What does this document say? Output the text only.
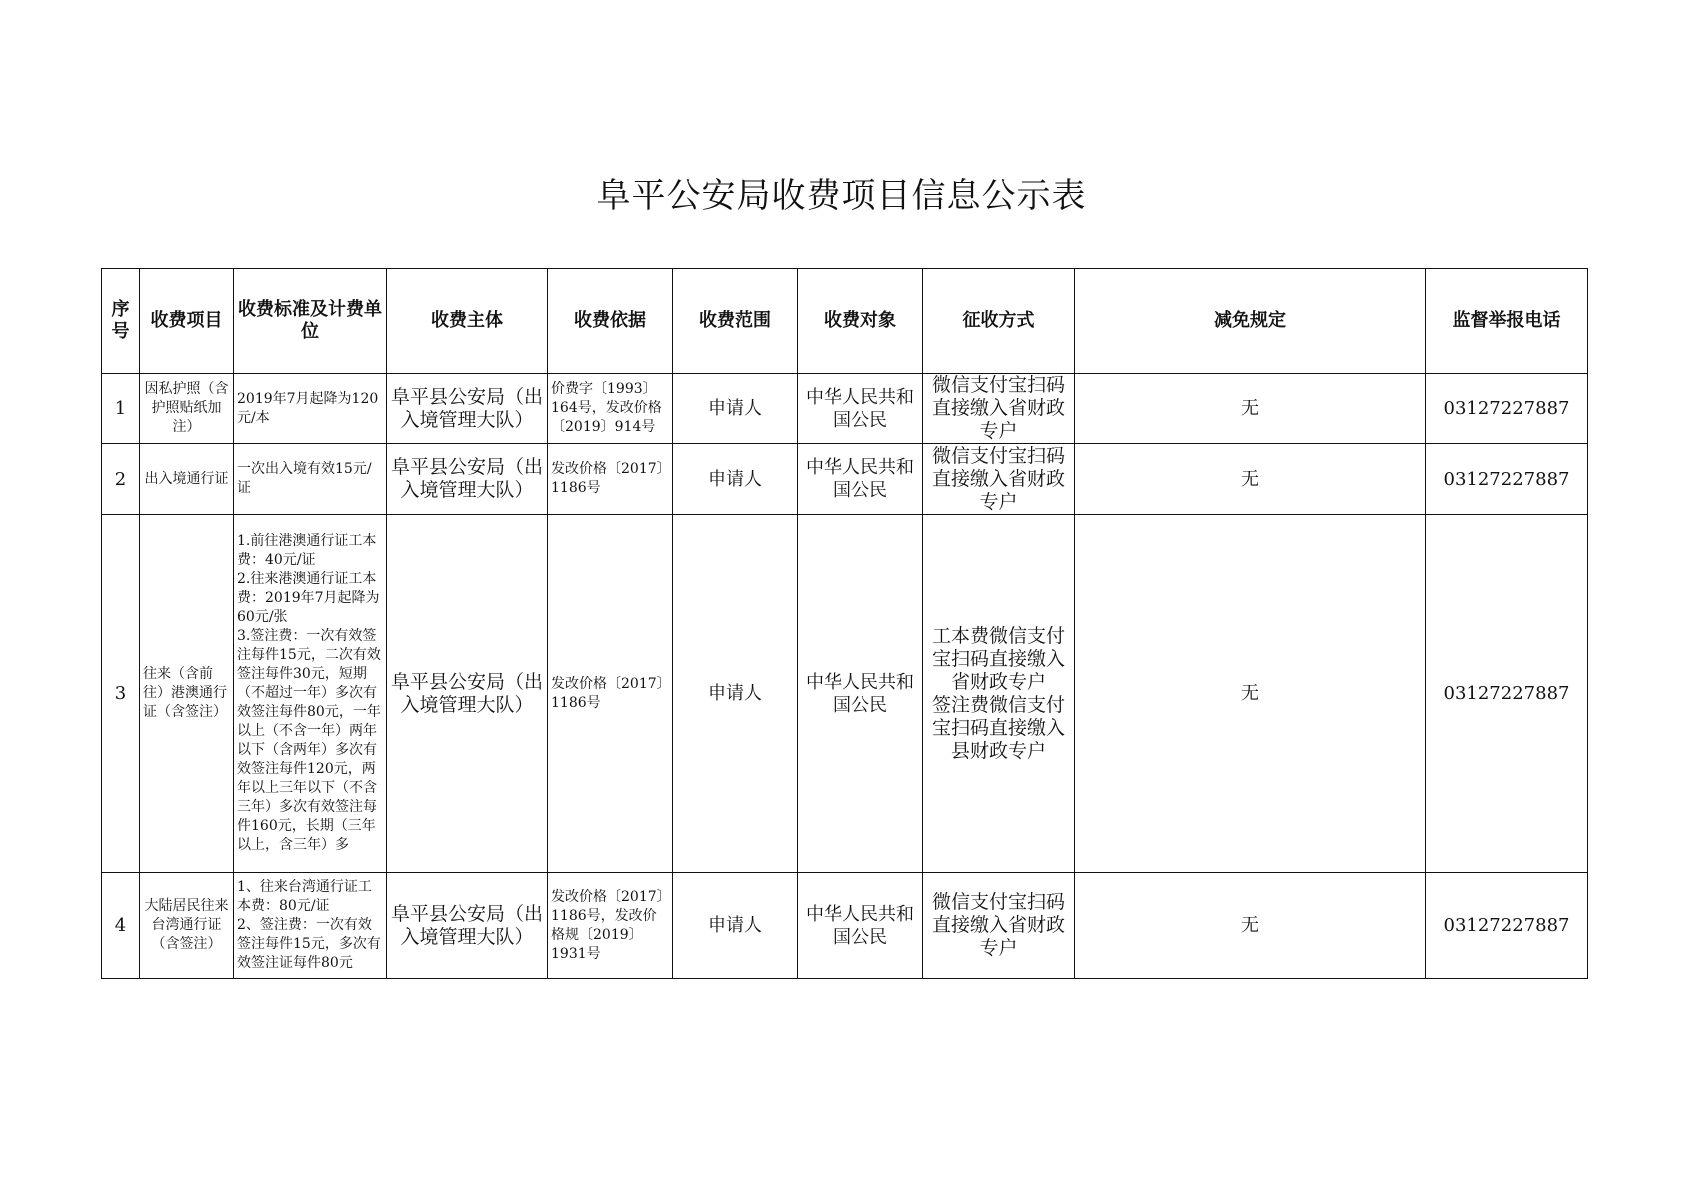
阜平公安局收费项目信息公示表
序号	收费项目	收费标准及计费单位	收费主体	收费依据	收费范围	收费对象	征收方式	减免规定	监督举报电话
1	因私护照（含护照贴纸加注）	2019年7月起降为120元/本	阜平县公安局（出入境管理大队）	价费字〔1993〕164号，发改价格〔2019〕914号	申请人	中华人民共和国公民	微信支付宝扫码直接缴入省财政专户	无	03127227887
2	出入境通行证	一次出入境有效15元/证	阜平县公安局（出入境管理大队）	发改价格〔2017〕1186号	申请人	中华人民共和国公民	微信支付宝扫码直接缴入省财政专户	无	03127227887
3	往来（含前往）港澳通行证（含签注）	1.前往港澳通行证工本费：40元/证
2.往来港澳通行证工本费：2019年7月起降为60元/张
3.签注费：一次有效签注每件15元，二次有效签注每件30元，短期（不超过一年）多次有效签注每件80元，一年以上（不含一年）两年以下（含两年）多次有效签注每件120元，两年以上三年以下（不含三年）多次有效签注每件160元，长期（三年以上，含三年）多	阜平县公安局（出入境管理大队）	发改价格〔2017〕1186号	申请人	中华人民共和国公民	工本费微信支付宝扫码直接缴入省财政专户
签注费微信支付宝扫码直接缴入县财政专户	无	03127227887
4	大陆居民往来台湾通行证（含签注）	1、往来台湾通行证工本费：80元/证
2、签注费：一次有效签注每件15元，多次有效签注证每件80元	阜平县公安局（出入境管理大队）	发改价格〔2017〕1186号，发改价格规〔2019〕1931号	申请人	中华人民共和国公民	微信支付宝扫码直接缴入省财政专户	无	03127227887
